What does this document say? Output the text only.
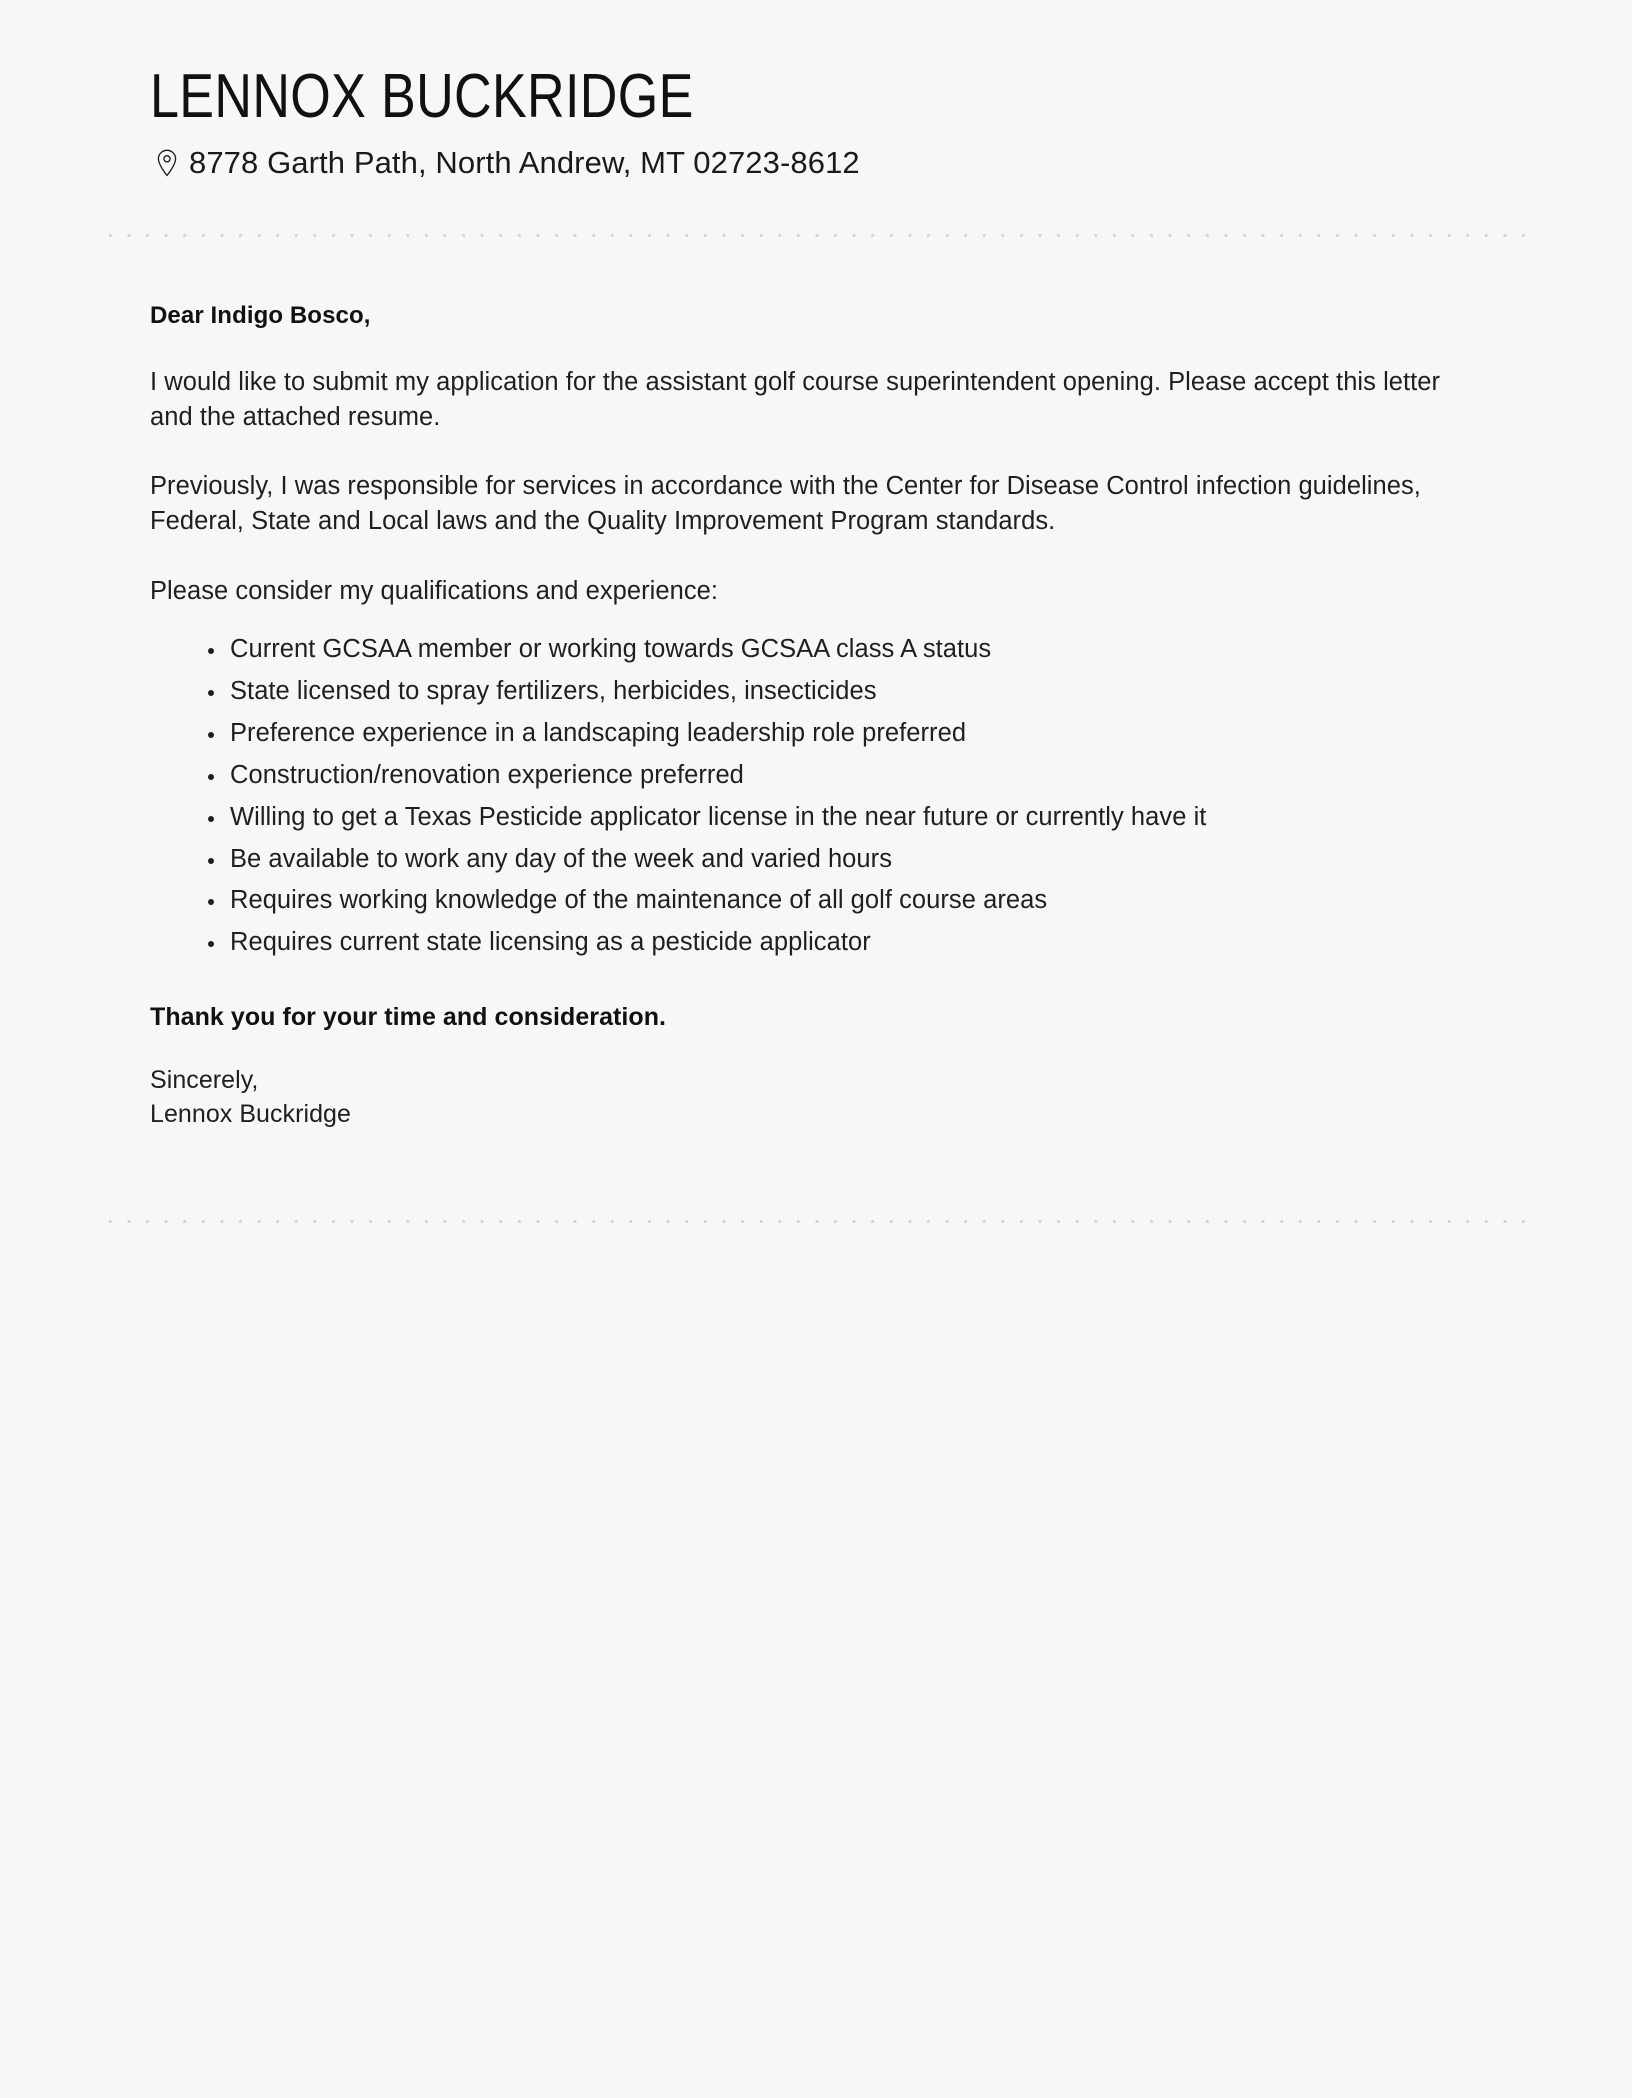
LENNOX BUCKRIDGE
8778 Garth Path, North Andrew, MT 02723-8612
Dear Indigo Bosco,

I would like to submit my application for the assistant golf course superintendent opening. Please accept this letter and the attached resume.

Previously, I was responsible for services in accordance with the Center for Disease Control infection guidelines, Federal, State and Local laws and the Quality Improvement Program standards.

Please consider my qualifications and experience:

Current GCSAA member or working towards GCSAA class A status
State licensed to spray fertilizers, herbicides, insecticides
Preference experience in a landscaping leadership role preferred
Construction/renovation experience preferred
Willing to get a Texas Pesticide applicator license in the near future or currently have it
Be available to work any day of the week and varied hours
Requires working knowledge of the maintenance of all golf course areas
Requires current state licensing as a pesticide applicator
Thank you for your time and consideration.
Sincerely,
Lennox Buckridge
